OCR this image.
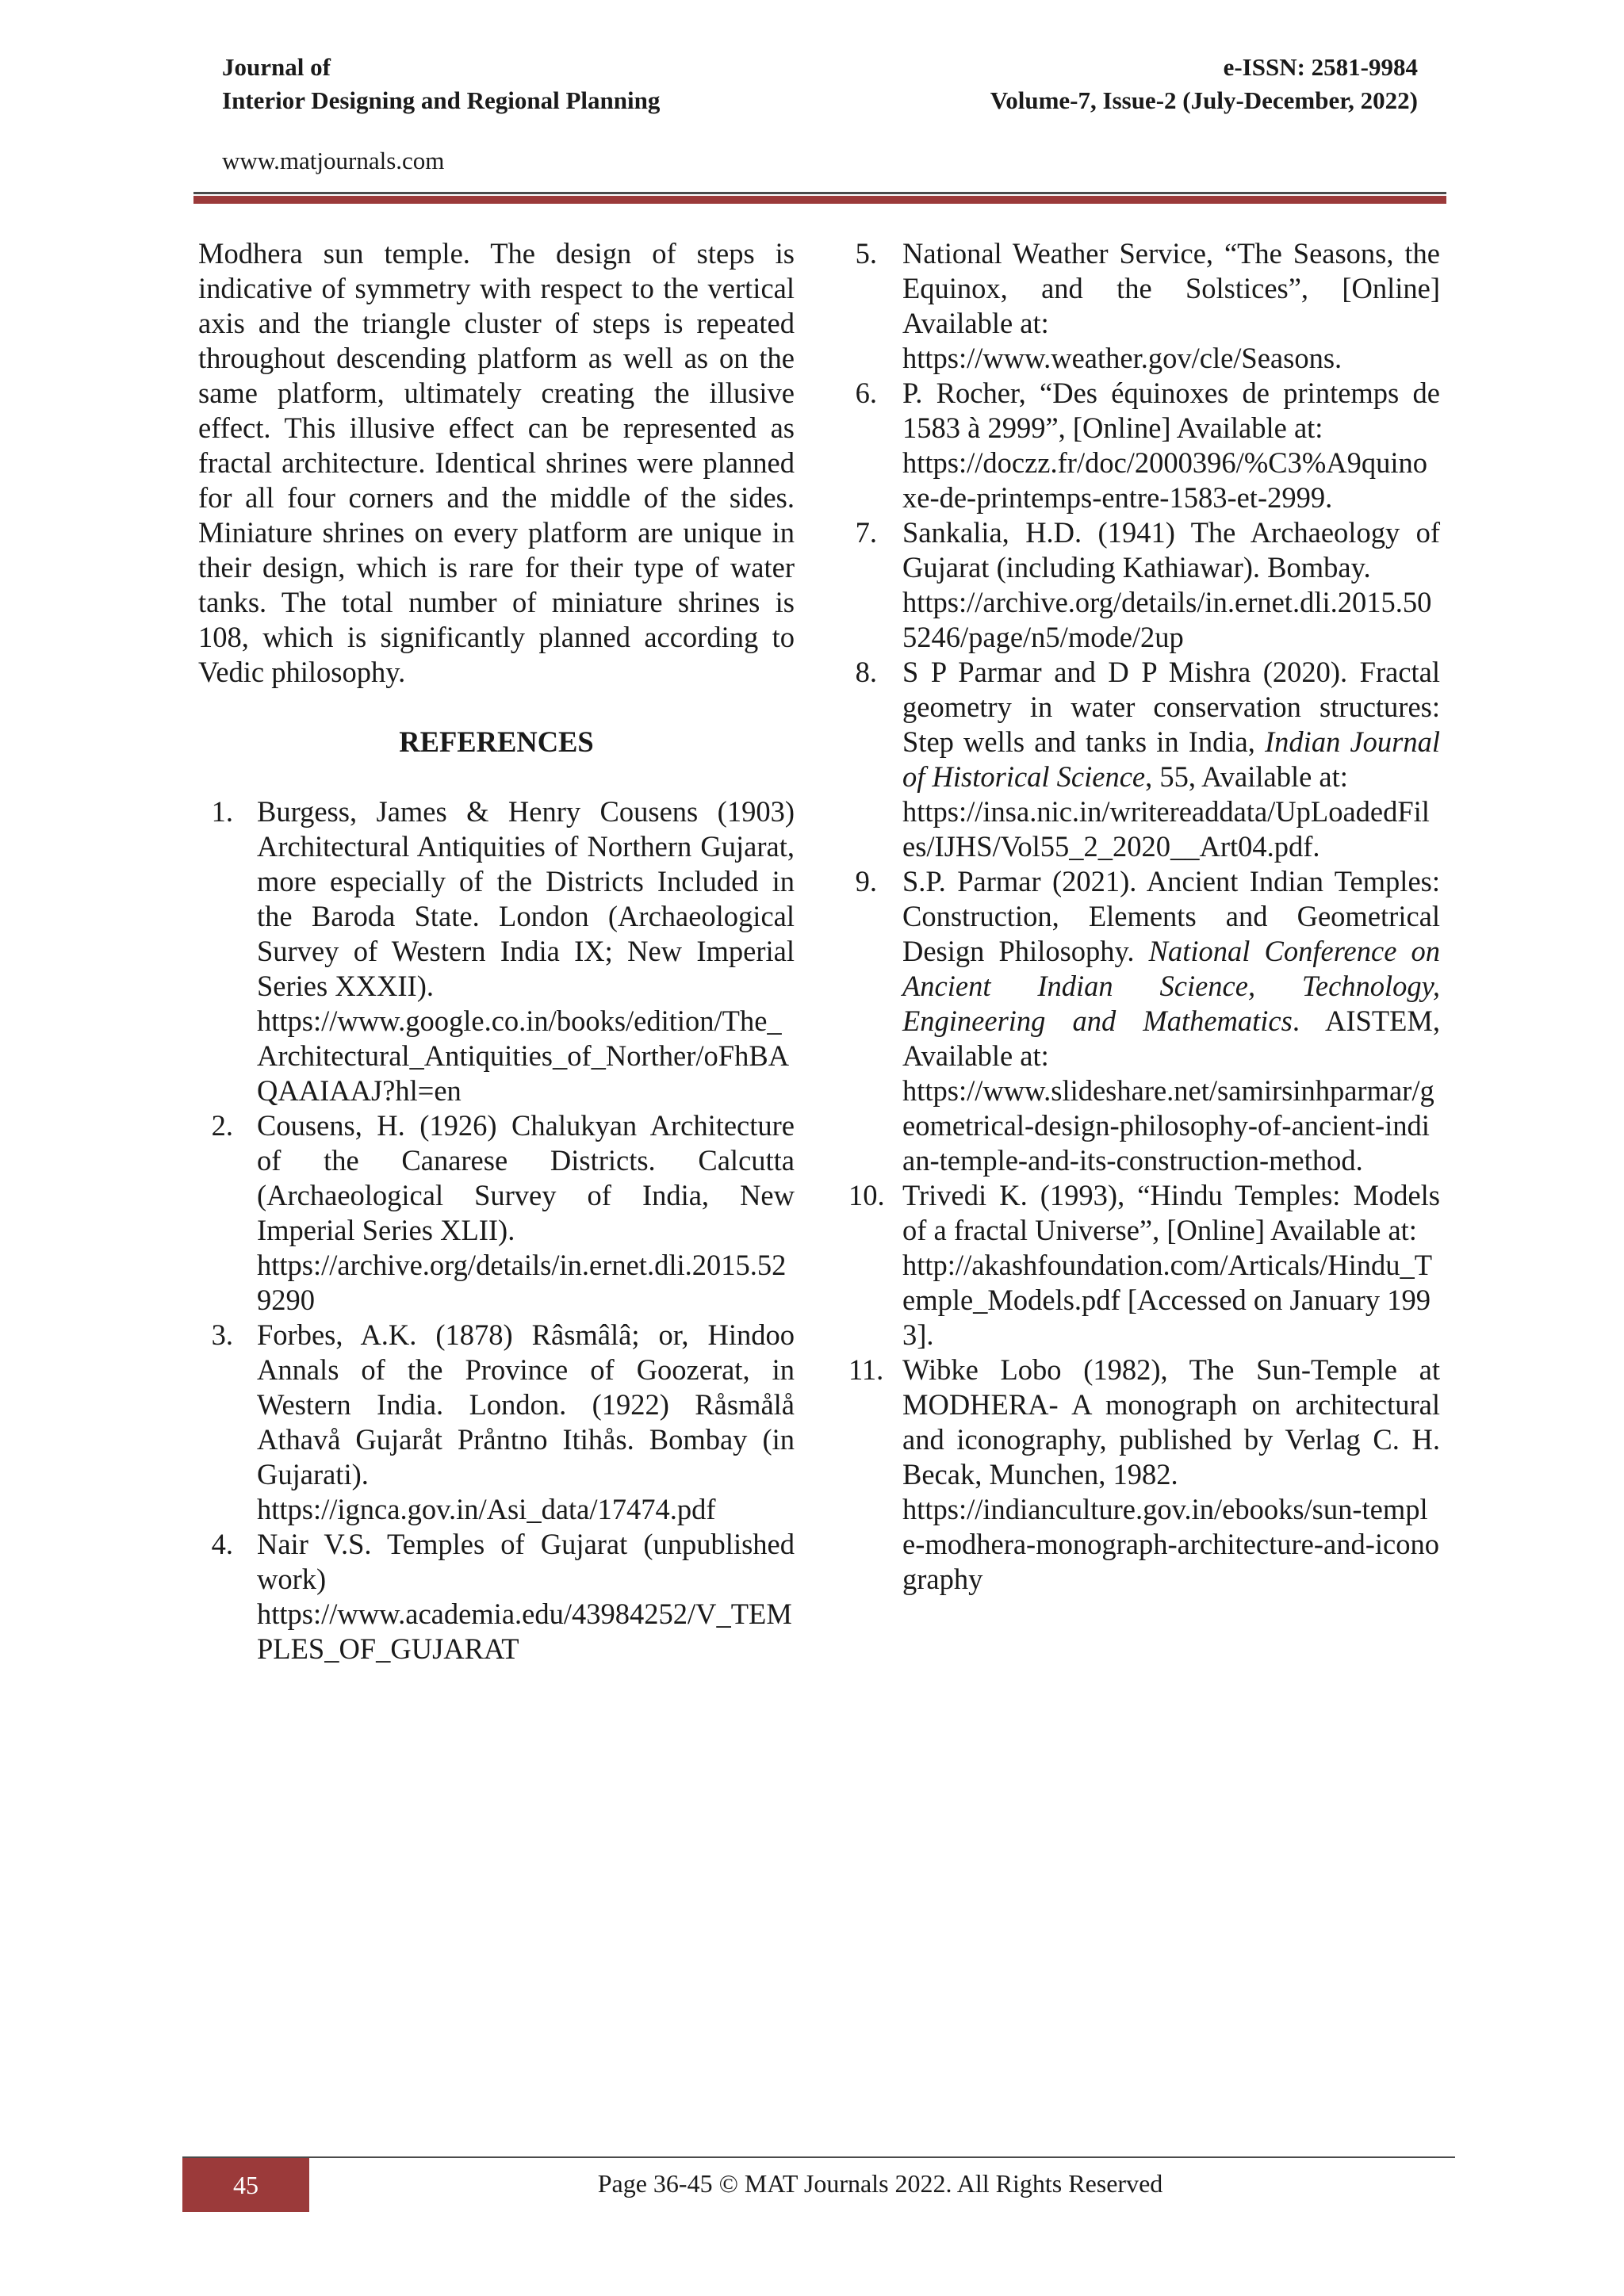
Journal of
Interior Designing and Regional Planning
e-ISSN: 2581-9984
Volume-7, Issue-2 (July-December, 2022)
www.matjournals.com

Modhera sun temple. The design of steps is indicative of symmetry with respect to the vertical axis and the triangle cluster of steps is repeated throughout descending platform as well as on the same platform, ultimately creating the illusive effect. This illusive effect can be represented as fractal architecture. Identical shrines were planned for all four corners and the middle of the sides. Miniature shrines on every platform are unique in their design, which is rare for their type of water tanks. The total number of miniature shrines is 108, which is significantly planned according to Vedic philosophy.

REFERENCES
1. Burgess, James & Henry Cousens (1903) Architectural Antiquities of Northern Gujarat, more especially of the Districts Included in the Baroda State. London (Archaeological Survey of Western India IX; New Imperial Series XXXII).
https://www.google.co.in/books/edition/The_Architectural_Antiquities_of_Norther/oFhBAQAAIAAJ?hl=en
2. Cousens, H. (1926) Chalukyan Architecture of the Canarese Districts. Calcutta (Archaeological Survey of India, New Imperial Series XLII).
https://archive.org/details/in.ernet.dli.2015.529290
3. Forbes, A.K. (1878) Râsmâlâ; or, Hindoo Annals of the Province of Goozerat, in Western India. London. (1922) Råsmålå Athavå Gujaråt Pråntno Itihås. Bombay (in Gujarati).
https://ignca.gov.in/Asi_data/17474.pdf
4. Nair V.S. Temples of Gujarat (unpublished work)
https://www.academia.edu/43984252/V_TEMPLES_OF_GUJARAT
5. National Weather Service, “The Seasons, the Equinox, and the Solstices”, [Online] Available at:
https://www.weather.gov/cle/Seasons.
6. P. Rocher, “Des équinoxes de printemps de 1583 à 2999”, [Online] Available at:
https://doczz.fr/doc/2000396/%C3%A9quinoxe-de-printemps-entre-1583-et-2999.
7. Sankalia, H.D. (1941) The Archaeology of Gujarat (including Kathiawar). Bombay.
https://archive.org/details/in.ernet.dli.2015.505246/page/n5/mode/2up
8. S P Parmar and D P Mishra (2020). Fractal geometry in water conservation structures: Step wells and tanks in India, Indian Journal of Historical Science, 55, Available at:
https://insa.nic.in/writereaddata/UpLoadedFiles/IJHS/Vol55_2_2020__Art04.pdf.
9. S.P. Parmar (2021). Ancient Indian Temples: Construction, Elements and Geometrical Design Philosophy. National Conference on Ancient Indian Science, Technology, Engineering and Mathematics. AISTEM, Available at:
https://www.slideshare.net/samirsinhparmar/geometrical-design-philosophy-of-ancient-indian-temple-and-its-construction-method.
10. Trivedi K. (1993), “Hindu Temples: Models of a fractal Universe”, [Online] Available at:
http://akashfoundation.com/Articals/Hindu_Temple_Models.pdf [Accessed on January 1993].
11. Wibke Lobo (1982), The Sun-Temple at MODHERA- A monograph on architectural and iconography, published by Verlag C. H. Becak, Munchen, 1982.
https://indianculture.gov.in/ebooks/sun-temple-modhera-monograph-architecture-and-iconography
45	Page 36-45 © MAT Journals 2022. All Rights Reserved
